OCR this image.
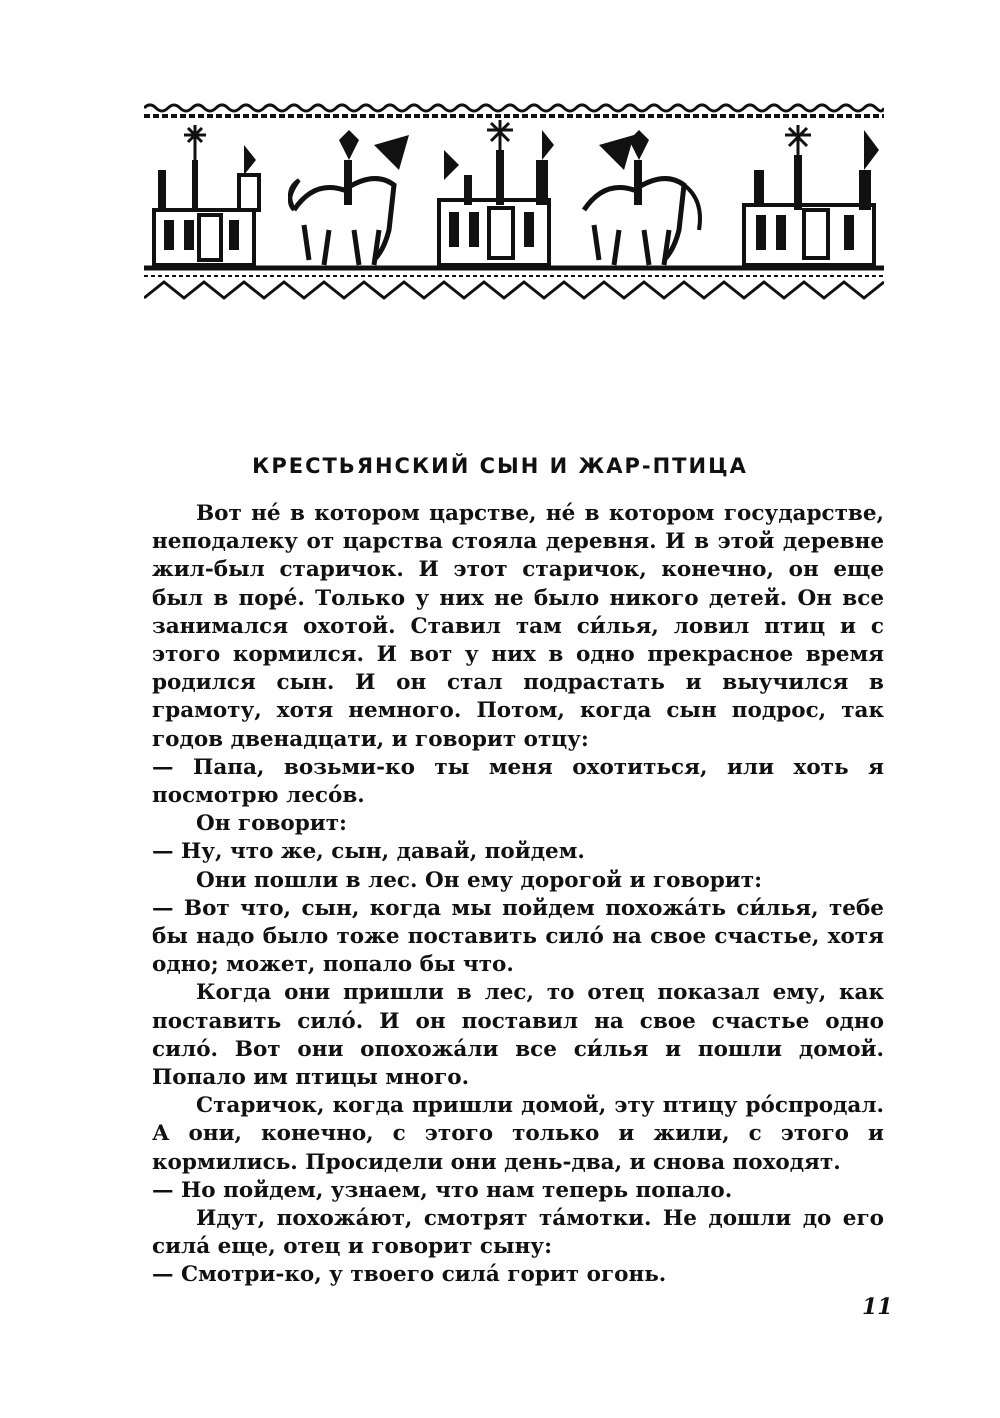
КРЕСТЬЯНСКИЙ СЫН И ЖАР-ПТИЦА

Вот не́ в котором царстве, не́ в котором государстве, неподалеку от царства стояла деревня. И в этой деревне жил-был старичок. И этот старичок, конечно, он еще был в поре́. Только у них не было никого детей. Он все занимался охотой. Ставил там си́лья, ловил птиц и с этого кормился. И вот у них в одно прекрасное время родился сын. И он стал подрастать и выучился в грамоту, хотя немного. Потом, когда сын подрос, так годов двенадцати, и говорит отцу:

— Папа, возьми-ко ты меня охотиться, или хоть я посмотрю лесо́в.

Он говорит:

— Ну, что же, сын, давай, пойдем.

Они пошли в лес. Он ему дорогой и говорит:

— Вот что, сын, когда мы пойдем похожа́ть си́лья, тебе бы надо было тоже поставить сило́ на свое счастье, хотя одно; может, попало бы что.

Когда они пришли в лес, то отец показал ему, как поставить сило́. И он поставил на свое счастье одно сило́. Вот они опохожа́ли все си́лья и пошли домой. Попало им птицы много.

Старичок, когда пришли домой, эту птицу ро́спродал. А они, конечно, с этого только и жили, с этого и кормились. Просидели они день-два, и снова походят.

— Но пойдем, узнаем, что нам теперь попало.

Идут, похожа́ют, смотрят та́мотки. Не дошли до его сила́ еще, отец и говорит сыну:

— Смотри-ко, у твоего сила́ горит огонь.

11
